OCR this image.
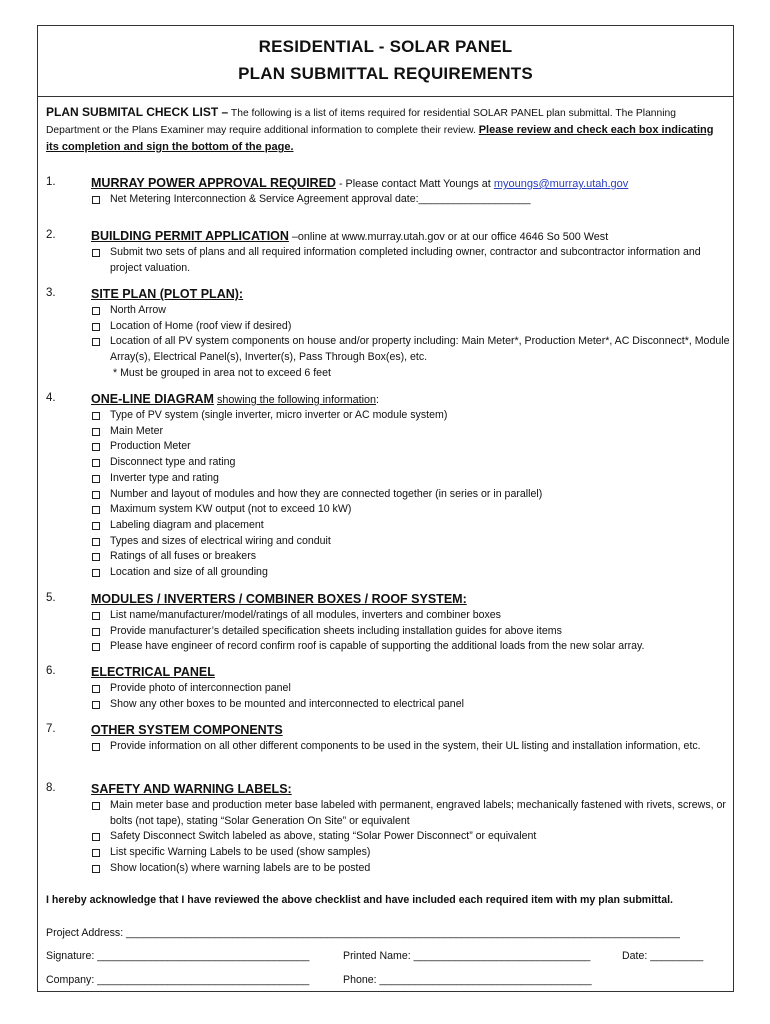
RESIDENTIAL - SOLAR PANEL
PLAN SUBMITTAL REQUIREMENTS
PLAN SUBMITAL CHECK LIST – The following is a list of items required for residential SOLAR PANEL plan submittal. The Planning Department or the Plans Examiner may require additional information to complete their review. Please review and check each box indicating its completion and sign the bottom of the page.
1.	MURRAY POWER APPROVAL REQUIRED - Please contact Matt Youngs at myoungs@murray.utah.gov
Net Metering Interconnection & Service Agreement approval date:___________________
2.	BUILDING PERMIT APPLICATION –online at www.murray.utah.gov or at our office 4646 So 500 West
Submit two sets of plans and all required information completed including owner, contractor and subcontractor information and project valuation.
3.	SITE PLAN (PLOT PLAN):
North Arrow
Location of Home (roof view if desired)
Location of all PV system components on house and/or property including: Main Meter*, Production Meter*, AC Disconnect*, Module Array(s), Electrical Panel(s), Inverter(s), Pass Through Box(es), etc.
* Must be grouped in area not to exceed 6 feet
4.	ONE-LINE DIAGRAM showing the following information:
Type of PV system (single inverter, micro inverter or AC module system)
Main Meter
Production Meter
Disconnect type and rating
Inverter type and rating
Number and layout of modules and how they are connected together (in series or in parallel)
Maximum system KW output (not to exceed 10 kW)
Labeling diagram and placement
Types and sizes of electrical wiring and conduit
Ratings of all fuses or breakers
Location and size of all grounding
5.	MODULES / INVERTERS / COMBINER BOXES / ROOF SYSTEM:
List name/manufacturer/model/ratings of all modules, inverters and combiner boxes
Provide manufacturer’s detailed specification sheets including installation guides for above items
Please have engineer of record confirm roof is capable of supporting the additional loads from the new solar array.
6.	ELECTRICAL PANEL
Provide photo of interconnection panel
Show any other boxes to be mounted and interconnected to electrical panel
7.	OTHER SYSTEM COMPONENTS
Provide information on all other different components to be used in the system, their UL listing and installation information, etc.
8.	SAFETY AND WARNING LABELS:
Main meter base and production meter base labeled with permanent, engraved labels; mechanically fastened with rivets, screws, or bolts (not tape), stating “Solar Generation On Site” or equivalent
Safety Disconnect Switch labeled as above, stating “Solar Power Disconnect” or equivalent
List specific Warning Labels to be used (show samples)
Show location(s) where warning labels are to be posted
I hereby acknowledge that I have reviewed the above checklist and have included each required item with my plan submittal.
Project Address: ______________________________________________________________________________________________
Signature: ____________________________________	Printed Name: ______________________________	Date: _________
Company: ____________________________________	Phone: ____________________________________
